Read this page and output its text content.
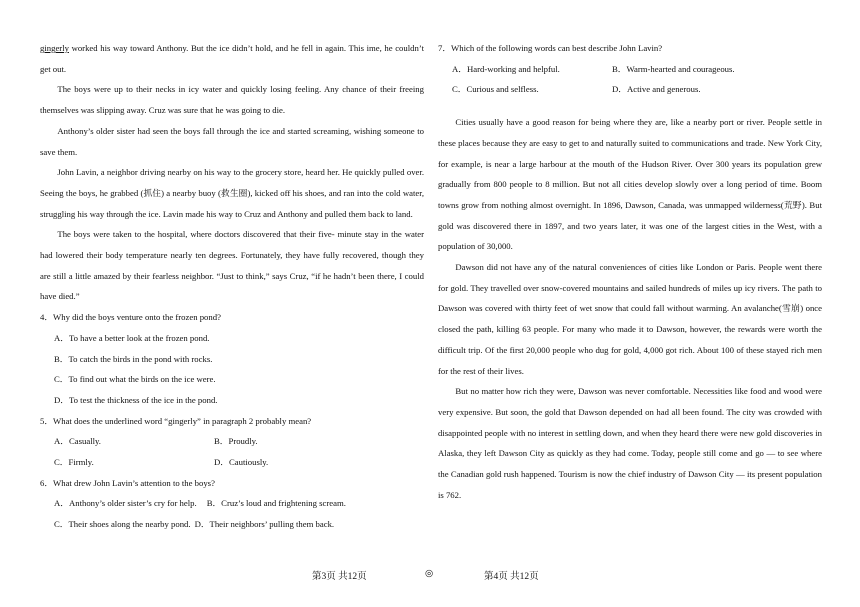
gingerly worked his way toward Anthony. But the ice didn’t hold, and he fell in again. This ime, he couldn’t get out.

The boys were up to their necks in icy water and quickly losing feeling. Any chance of their freeing themselves was slipping away. Cruz was sure that he was going to die.

Anthony’s older sister had seen the boys fall through the ice and started screaming, wishing someone to save them.

John Lavin, a neighbor driving nearby on his way to the grocery store, heard her. He quickly pulled over. Seeing the boys, he grabbed (抓住) a nearby buoy (救生圈), kicked off his shoes, and ran into the cold water, struggling his way through the ice. Lavin made his way to Cruz and Anthony and pulled them back to land.

The boys were taken to the hospital, where doctors discovered that their five- minute stay in the water had lowered their body temperature nearly ten degrees. Fortunately, they have fully recovered, though they are still a little amazed by their fearless neighbor. “Just to think,” says Cruz, “if he hadn’t been there, I could have died.”

4．Why did the boys venture onto the frozen pond?

A．To have a better look at the frozen pond.

B．To catch the birds in the pond with rocks.

C．To find out what the birds on the ice were.

D．To test the thickness of the ice in the pond.

5．What does the underlined word “gingerly” in paragraph 2 probably mean?

A．Casually.	B．Proudly.
C．Firmly.	D．Cautiously.

6．What drew John Lavin’s attention to the boys?

A．Anthony’s older sister’s cry for help. B．Cruz’s loud and frightening scream.
C．Their shoes along the nearby pond. D．Their neighbors’ pulling them back.

7．Which of the following words can best describe John Lavin?

A．Hard-working and helpful.	B．Warm-hearted and courageous.
C．Curious and selfless.	D．Active and generous.

Cities usually have a good reason for being where they are, like a nearby port or river. People settle in these places because they are easy to get to and naturally suited to communications and trade. New York City, for example, is near a large harbour at the mouth of the Hudson River. Over 300 years its population grew gradually from 800 people to 8 million. But not all cities develop slowly over a long period of time. Boom towns grow from nothing almost overnight. In 1896, Dawson, Canada, was unmapped wilderness(荒野). But gold was discovered there in 1897, and two years later, it was one of the largest cities in the West, with a population of 30,000.

Dawson did not have any of the natural conveniences of cities like London or Paris. People went there for gold. They travelled over snow-covered mountains and sailed hundreds of miles up icy rivers. The path to Dawson was covered with thirty feet of wet snow that could fall without warming. An avalanche(雪崩) once closed the path, killing 63 people. For many who made it to Dawson, however, the rewards were worth the difficult trip. Of the first 20,000 people who dug for gold, 4,000 got rich. About 100 of these stayed rich men for the rest of their lives.

But no matter how rich they were, Dawson was never comfortable. Necessities like food and wood were very expensive. But soon, the gold that Dawson depended on had all been found. The city was crowded with disappointed people with no interest in settling down, and when they heard there were new gold discoveries in Alaska, they left Dawson City as quickly as they had come. Today, people still come and go — to see where the Canadian gold rush happened. Tourism is now the chief industry of Dawson City — its present population is 762.

第3页 共12页	◎	第4页 共12页
